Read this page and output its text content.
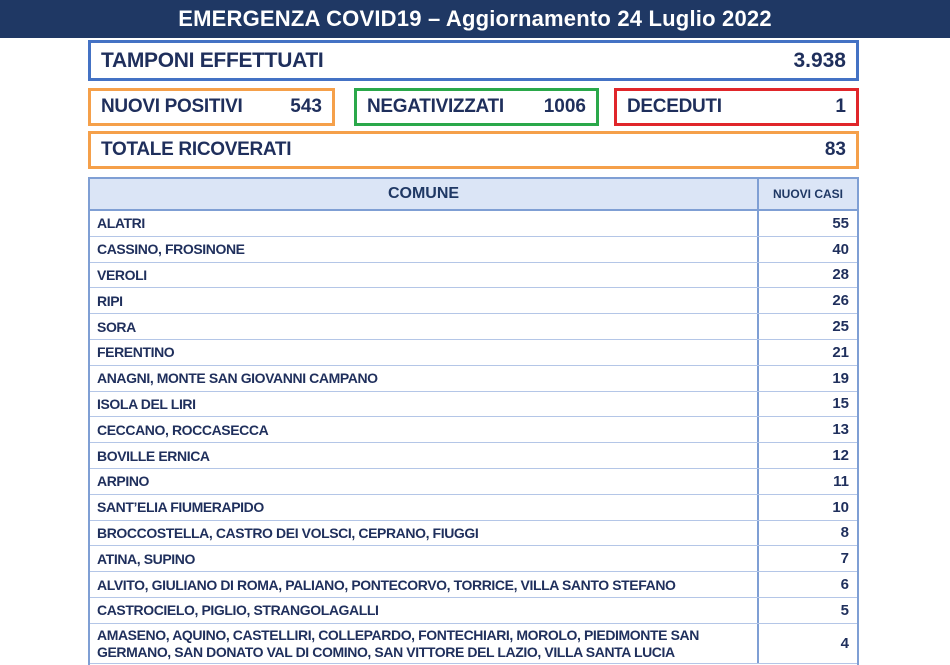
EMERGENZA COVID19 – Aggiornamento 24 Luglio 2022
TAMPONI EFFETTUATI	3.938
NUOVI POSITIVI	543 NEGATIVIZZATI 1006 DECEDUTI	1
TOTALE RICOVERATI	83
COMUNE	NUOVI CASI
ALATRI	55
CASSINO, FROSINONE	40
VEROLI	28
RIPI	26
SORA	25
FERENTINO	21
ANAGNI, MONTE SAN GIOVANNI CAMPANO	19
ISOLA DEL LIRI	15
CECCANO, ROCCASECCA	13
BOVILLE ERNICA	12
ARPINO	11
SANT’ELIA FIUMERAPIDO	10
BROCCOSTELLA, CASTRO DEI VOLSCI, CEPRANO, FIUGGI	8
ATINA, SUPINO	7
ALVITO, GIULIANO DI ROMA, PALIANO, PONTECORVO, TORRICE, VILLA SANTO STEFANO	6
CASTROCIELO, PIGLIO, STRANGOLAGALLI	5
AMASENO, AQUINO, CASTELLIRI, COLLEPARDO, FONTECHIARI, MOROLO, PIEDIMONTE SAN GERMANO, SAN DONATO VAL DI COMINO, SAN VITTORE DEL LAZIO, VILLA SANTA LUCIA	4
